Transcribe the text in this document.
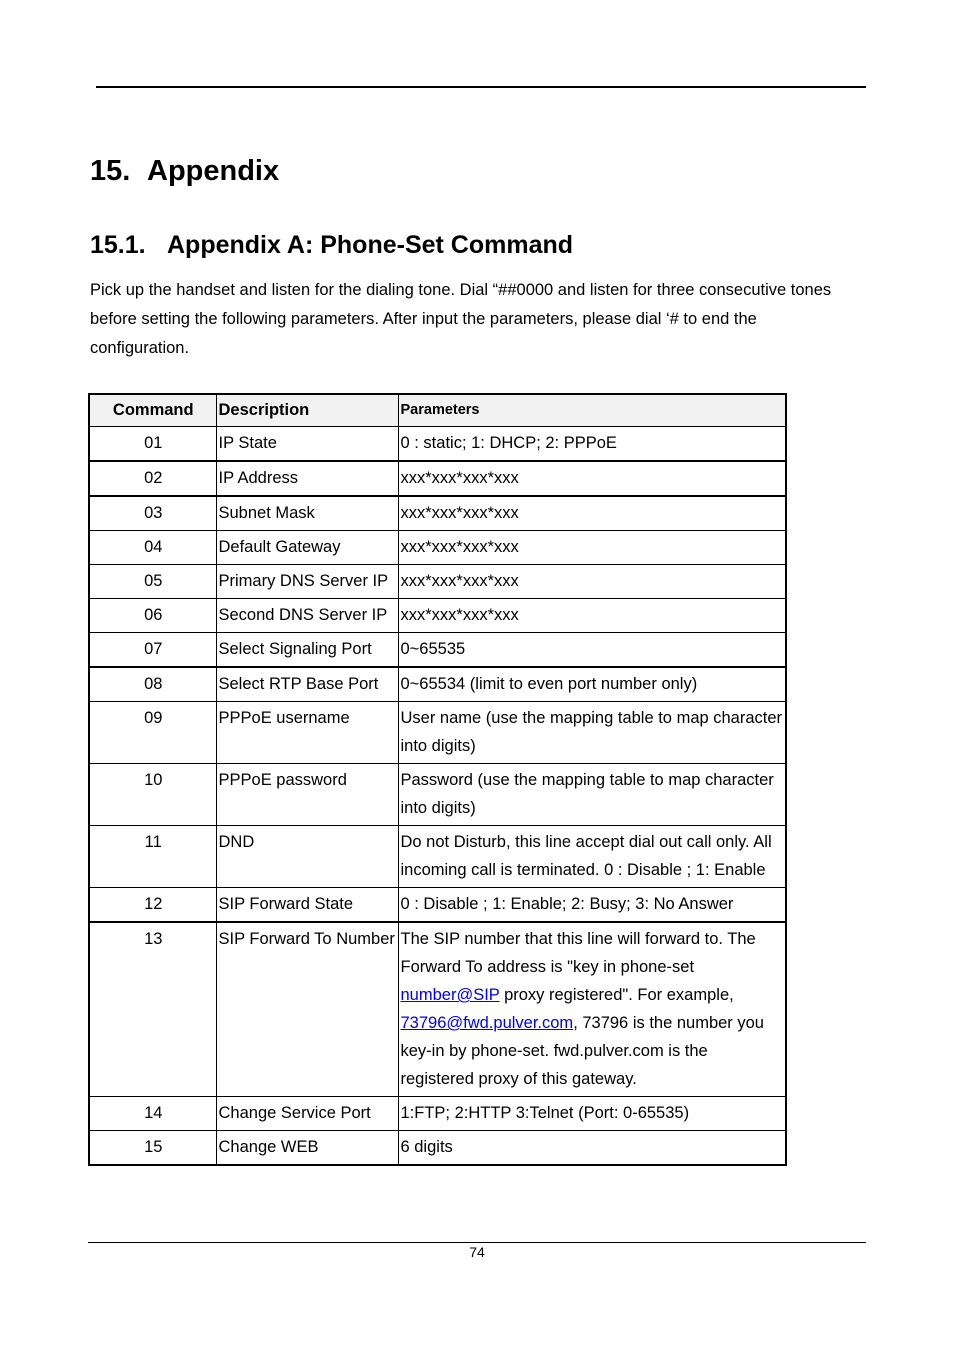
15. Appendix
15.1. Appendix A: Phone-Set Command

Pick up the handset and listen for the dialing tone. Dial “##0000 and listen for three consecutive tones before setting the following parameters. After input the parameters, please dial ‘# to end the configuration.

Command	Description	Parameters
01	IP State	0 : static; 1: DHCP; 2: PPPoE
02	IP Address	xxx*xxx*xxx*xxx
03	Subnet Mask	xxx*xxx*xxx*xxx
04	Default Gateway	xxx*xxx*xxx*xxx
05	Primary DNS Server IP	xxx*xxx*xxx*xxx
06	Second DNS Server IP	xxx*xxx*xxx*xxx
07	Select Signaling Port	0~65535
08	Select RTP Base Port	0~65534 (limit to even port number only)
09	PPPoE username	User name (use the mapping table to map character into digits)
10	PPPoE password	Password (use the mapping table to map character into digits)
11	DND	Do not Disturb, this line accept dial out call only. All incoming call is terminated. 0 : Disable ; 1: Enable
12	SIP Forward State	0 : Disable ; 1: Enable; 2: Busy; 3: No Answer
13	SIP Forward To Number	The SIP number that this line will forward to. The Forward To address is "key in phone-set number@SIP proxy registered". For example, 73796@fwd.pulver.com, 73796 is the number you key-in by phone-set. fwd.pulver.com is the registered proxy of this gateway.
14	Change Service Port	1:FTP; 2:HTTP 3:Telnet (Port: 0-65535)
15	Change WEB	6 digits
74
